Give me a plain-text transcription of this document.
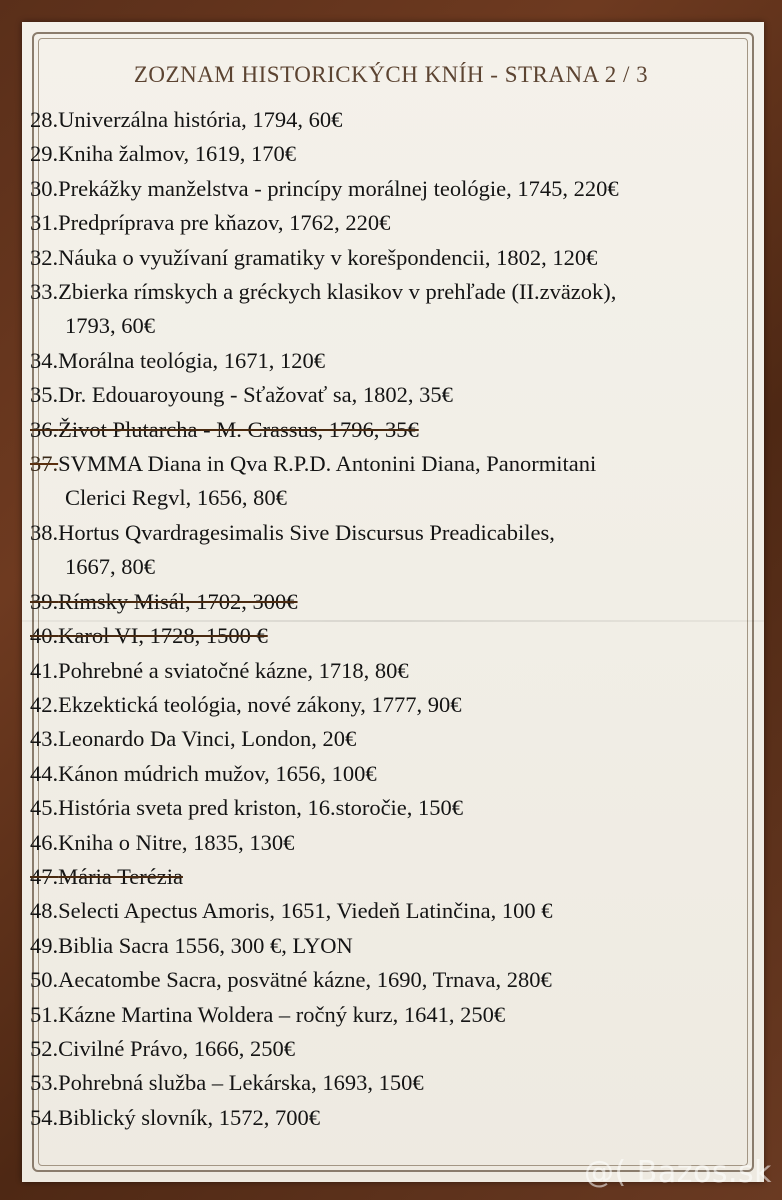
ZOZNAM HISTORICKÝCH KNÍH - STRANA 2 / 3
28.Univerzálna história, 1794, 60€
29.Kniha žalmov, 1619, 170€
30.Prekážky manželstva - princípy morálnej teológie, 1745, 220€
31.Predpríprava pre kňazov, 1762, 220€
32.Náuka o využívaní gramatiky v korešpondencii, 1802, 120€
33.Zbierka rímskych a gréckych klasikov v prehľade (II.zväzok),
1793, 60€
34.Morálna teológia, 1671, 120€
35.Dr. Edouaroyoung - Sťažovať sa, 1802, 35€
36.Život Plutarcha - M. Crassus, 1796, 35€
37.SVMMA Diana in Qva R.P.D. Antonini Diana, Panormitani
Clerici Regvl, 1656, 80€
38.Hortus Qvardragesimalis Sive Discursus Preadicabiles,
1667, 80€
39.Rímsky Misál, 1702, 300€
40.Karol VI, 1728, 1500 €
41.Pohrebné a sviatočné kázne, 1718, 80€
42.Ekzektická teológia, nové zákony, 1777, 90€
43.Leonardo Da Vinci, London, 20€
44.Kánon múdrich mužov, 1656, 100€
45.História sveta pred kriston, 16.storočie, 150€
46.Kniha o Nitre, 1835, 130€
47.Mária Terézia
48.Selecti Apectus Amoris, 1651, Viedeň Latinčina, 100 €
49.Biblia Sacra 1556, 300 €, LYON
50.Aecatombe Sacra, posvätné kázne, 1690, Trnava, 280€
51.Kázne Martina Woldera – ročný kurz, 1641, 250€
52.Civilné Právo, 1666, 250€
53.Pohrebná služba – Lekárska, 1693, 150€
54.Biblický slovník, 1572, 700€
@( Bazos.sk
